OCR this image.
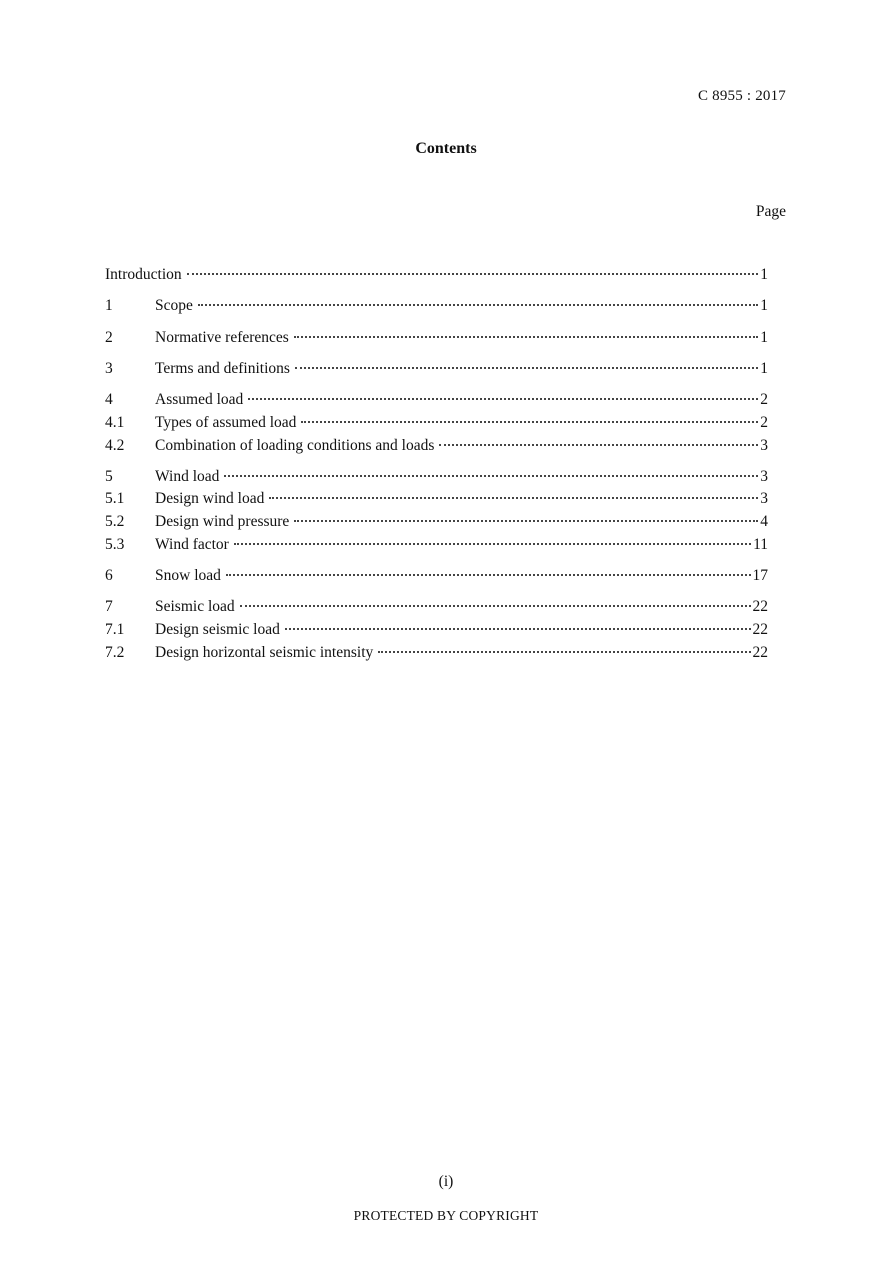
C 8955 : 2017
Contents
Page
Introduction	1
1	Scope	1
2	Normative references	1
3	Terms and definitions	1
4	Assumed load	2
4.1	Types of assumed load	2
4.2	Combination of loading conditions and loads	3
5	Wind load	3
5.1	Design wind load	3
5.2	Design wind pressure	4
5.3	Wind factor	11
6	Snow load	17
7	Seismic load	22
7.1	Design seismic load	22
7.2	Design horizontal seismic intensity	22
(i)
PROTECTED BY COPYRIGHT
